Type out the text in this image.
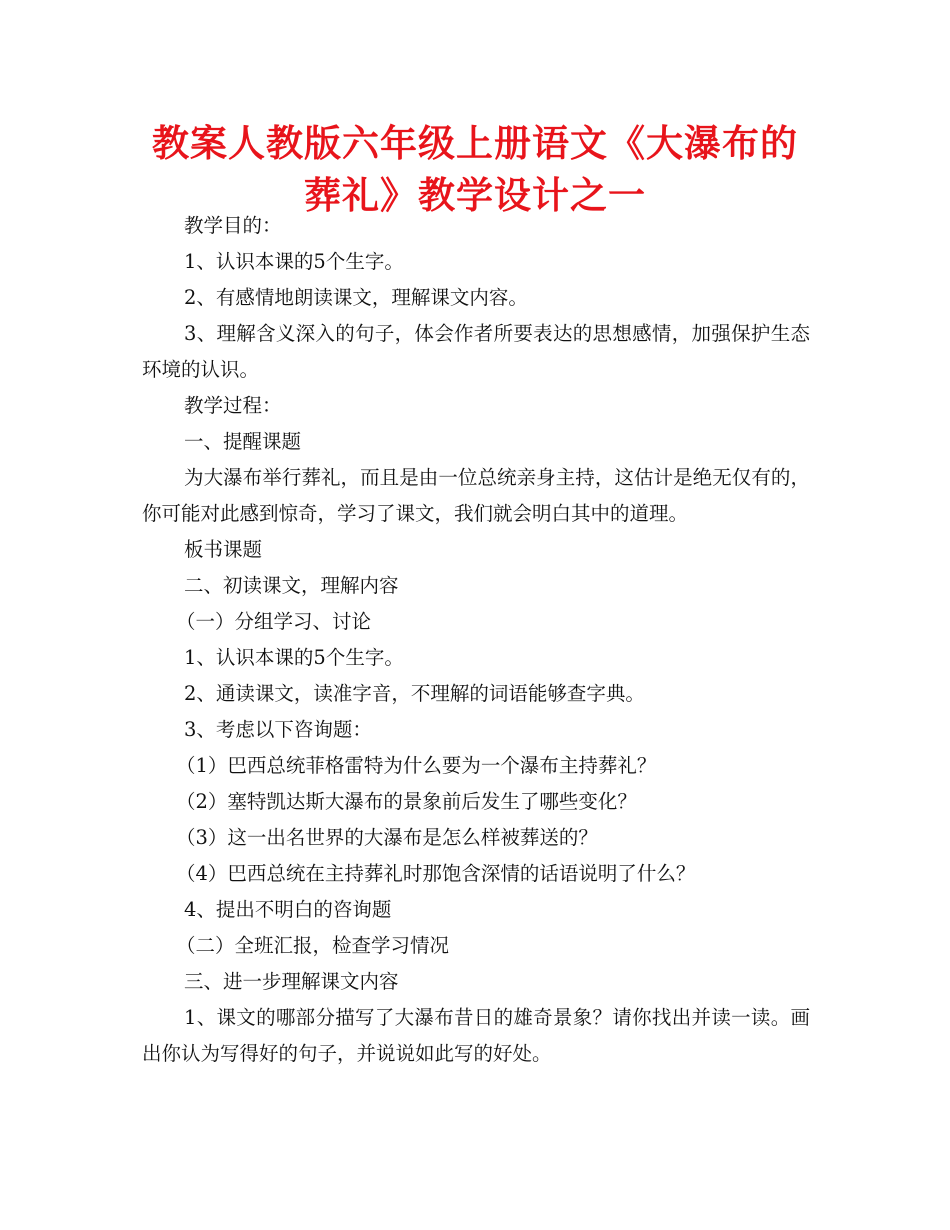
教案人教版六年级上册语文《大瀑布的葬礼》教学设计之一

教学目的：

1、认识本课的5个生字。

2、有感情地朗读课文，理解课文内容。

3、理解含义深入的句子，体会作者所要表达的思想感情，加强保护生态环境的认识。

教学过程：

一、提醒课题

为大瀑布举行葬礼，而且是由一位总统亲身主持，这估计是绝无仅有的，你可能对此感到惊奇，学习了课文，我们就会明白其中的道理。

板书课题

二、初读课文，理解内容

（一）分组学习、讨论

1、认识本课的5个生字。

2、通读课文，读准字音，不理解的词语能够查字典。

3、考虑以下咨询题：

（1）巴西总统菲格雷特为什么要为一个瀑布主持葬礼？

（2）塞特凯达斯大瀑布的景象前后发生了哪些变化？

（3）这一出名世界的大瀑布是怎么样被葬送的？

（4）巴西总统在主持葬礼时那饱含深情的话语说明了什么？

4、提出不明白的咨询题

（二）全班汇报，检查学习情况

三、进一步理解课文内容

1、课文的哪部分描写了大瀑布昔日的雄奇景象？请你找出并读一读。画出你认为写得好的句子，并说说如此写的好处。
